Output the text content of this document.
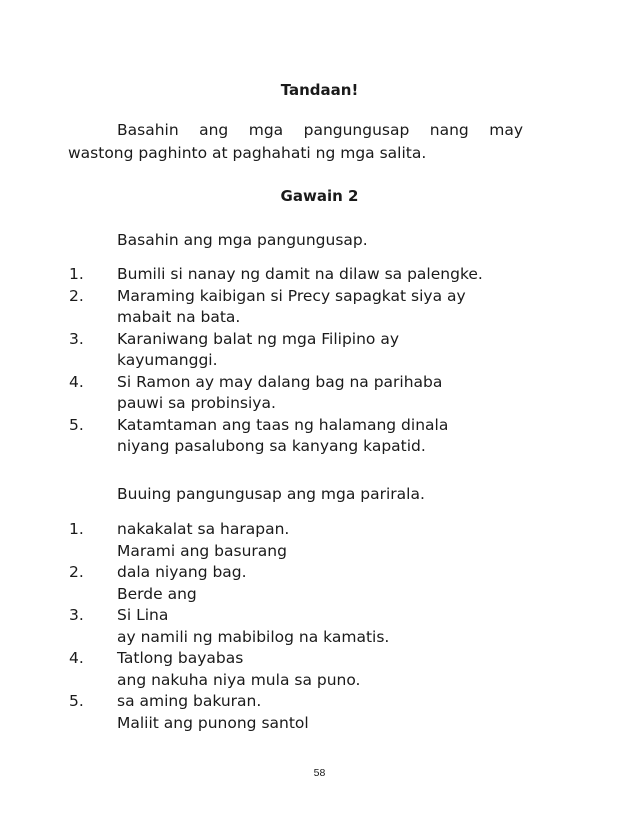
Tandaan!
Basahin ang mga pangungusap nang may
wastong paghinto at paghahati ng mga salita.
Gawain 2
Basahin ang mga pangungusap.
1. Bumili si nanay ng damit na dilaw sa palengke.
2. Maraming kaibigan si Precy sapagkat siya ay
mabait na bata.
3. Karaniwang balat ng mga Filipino ay
kayumanggi.
4. Si Ramon ay may dalang bag na parihaba
pauwi sa probinsiya.
5. Katamtaman ang taas ng halamang dinala
niyang pasalubong sa kanyang kapatid.
Buuing pangungusap ang mga parirala.
1. nakakalat sa harapan.
Marami ang basurang
2. dala niyang bag.
Berde ang
3. Si Lina
ay namili ng mabibilog na kamatis.
4. Tatlong bayabas
ang nakuha niya mula sa puno.
5. sa aming bakuran.
Maliit ang punong santol
58
